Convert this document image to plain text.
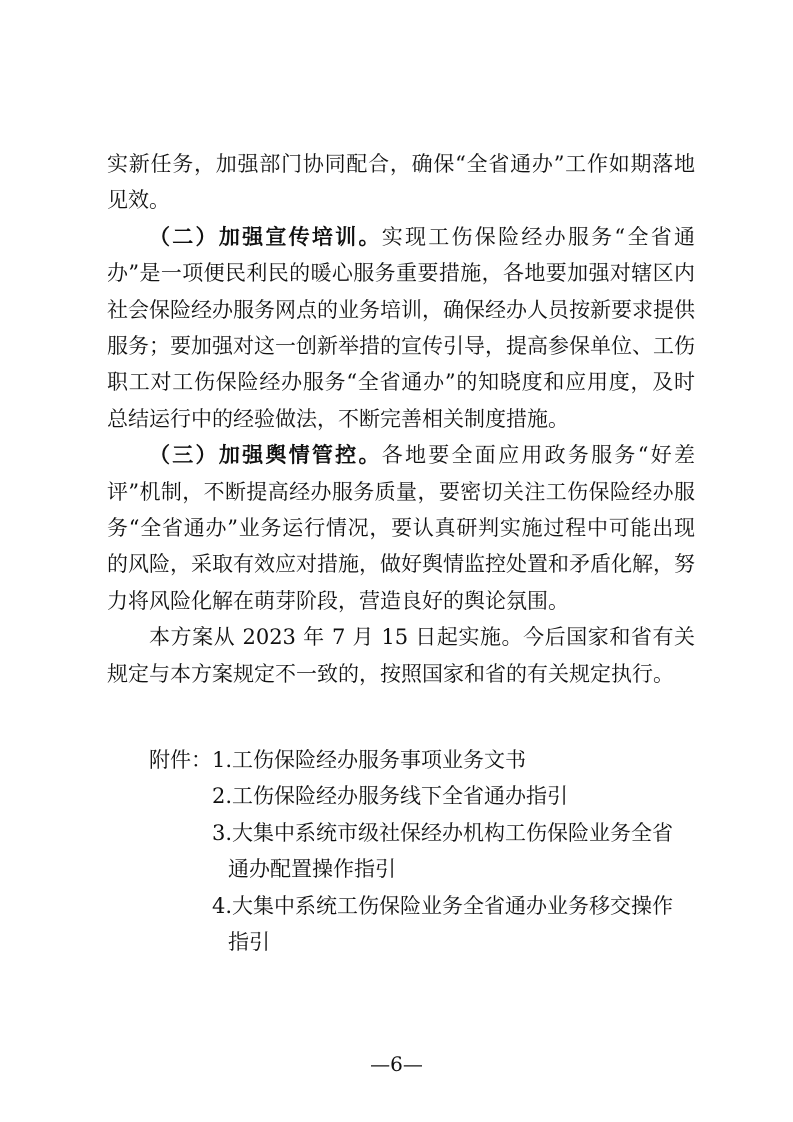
实新任务，加强部门协同配合，确保“全省通办”工作如期落地见效。

（二）加强宣传培训。实现工伤保险经办服务“全省通办”是一项便民利民的暖心服务重要措施，各地要加强对辖区内社会保险经办服务网点的业务培训，确保经办人员按新要求提供服务；要加强对这一创新举措的宣传引导，提高参保单位、工伤职工对工伤保险经办服务“全省通办”的知晓度和应用度，及时总结运行中的经验做法，不断完善相关制度措施。

（三）加强舆情管控。各地要全面应用政务服务“好差评”机制，不断提高经办服务质量，要密切关注工伤保险经办服务“全省通办”业务运行情况，要认真研判实施过程中可能出现的风险，采取有效应对措施，做好舆情监控处置和矛盾化解，努力将风险化解在萌芽阶段，营造良好的舆论氛围。

本方案从 2023 年 7 月 15 日起实施。今后国家和省有关规定与本方案规定不一致的，按照国家和省的有关规定执行。

附件： 1.工伤保险经办服务事项业务文书
2.工伤保险经办服务线下全省通办指引
3.大集中系统市级社保经办机构工伤保险业务全省
通办配置操作指引
4.大集中系统工伤保险业务全省通办业务移交操作
指引
—6—
